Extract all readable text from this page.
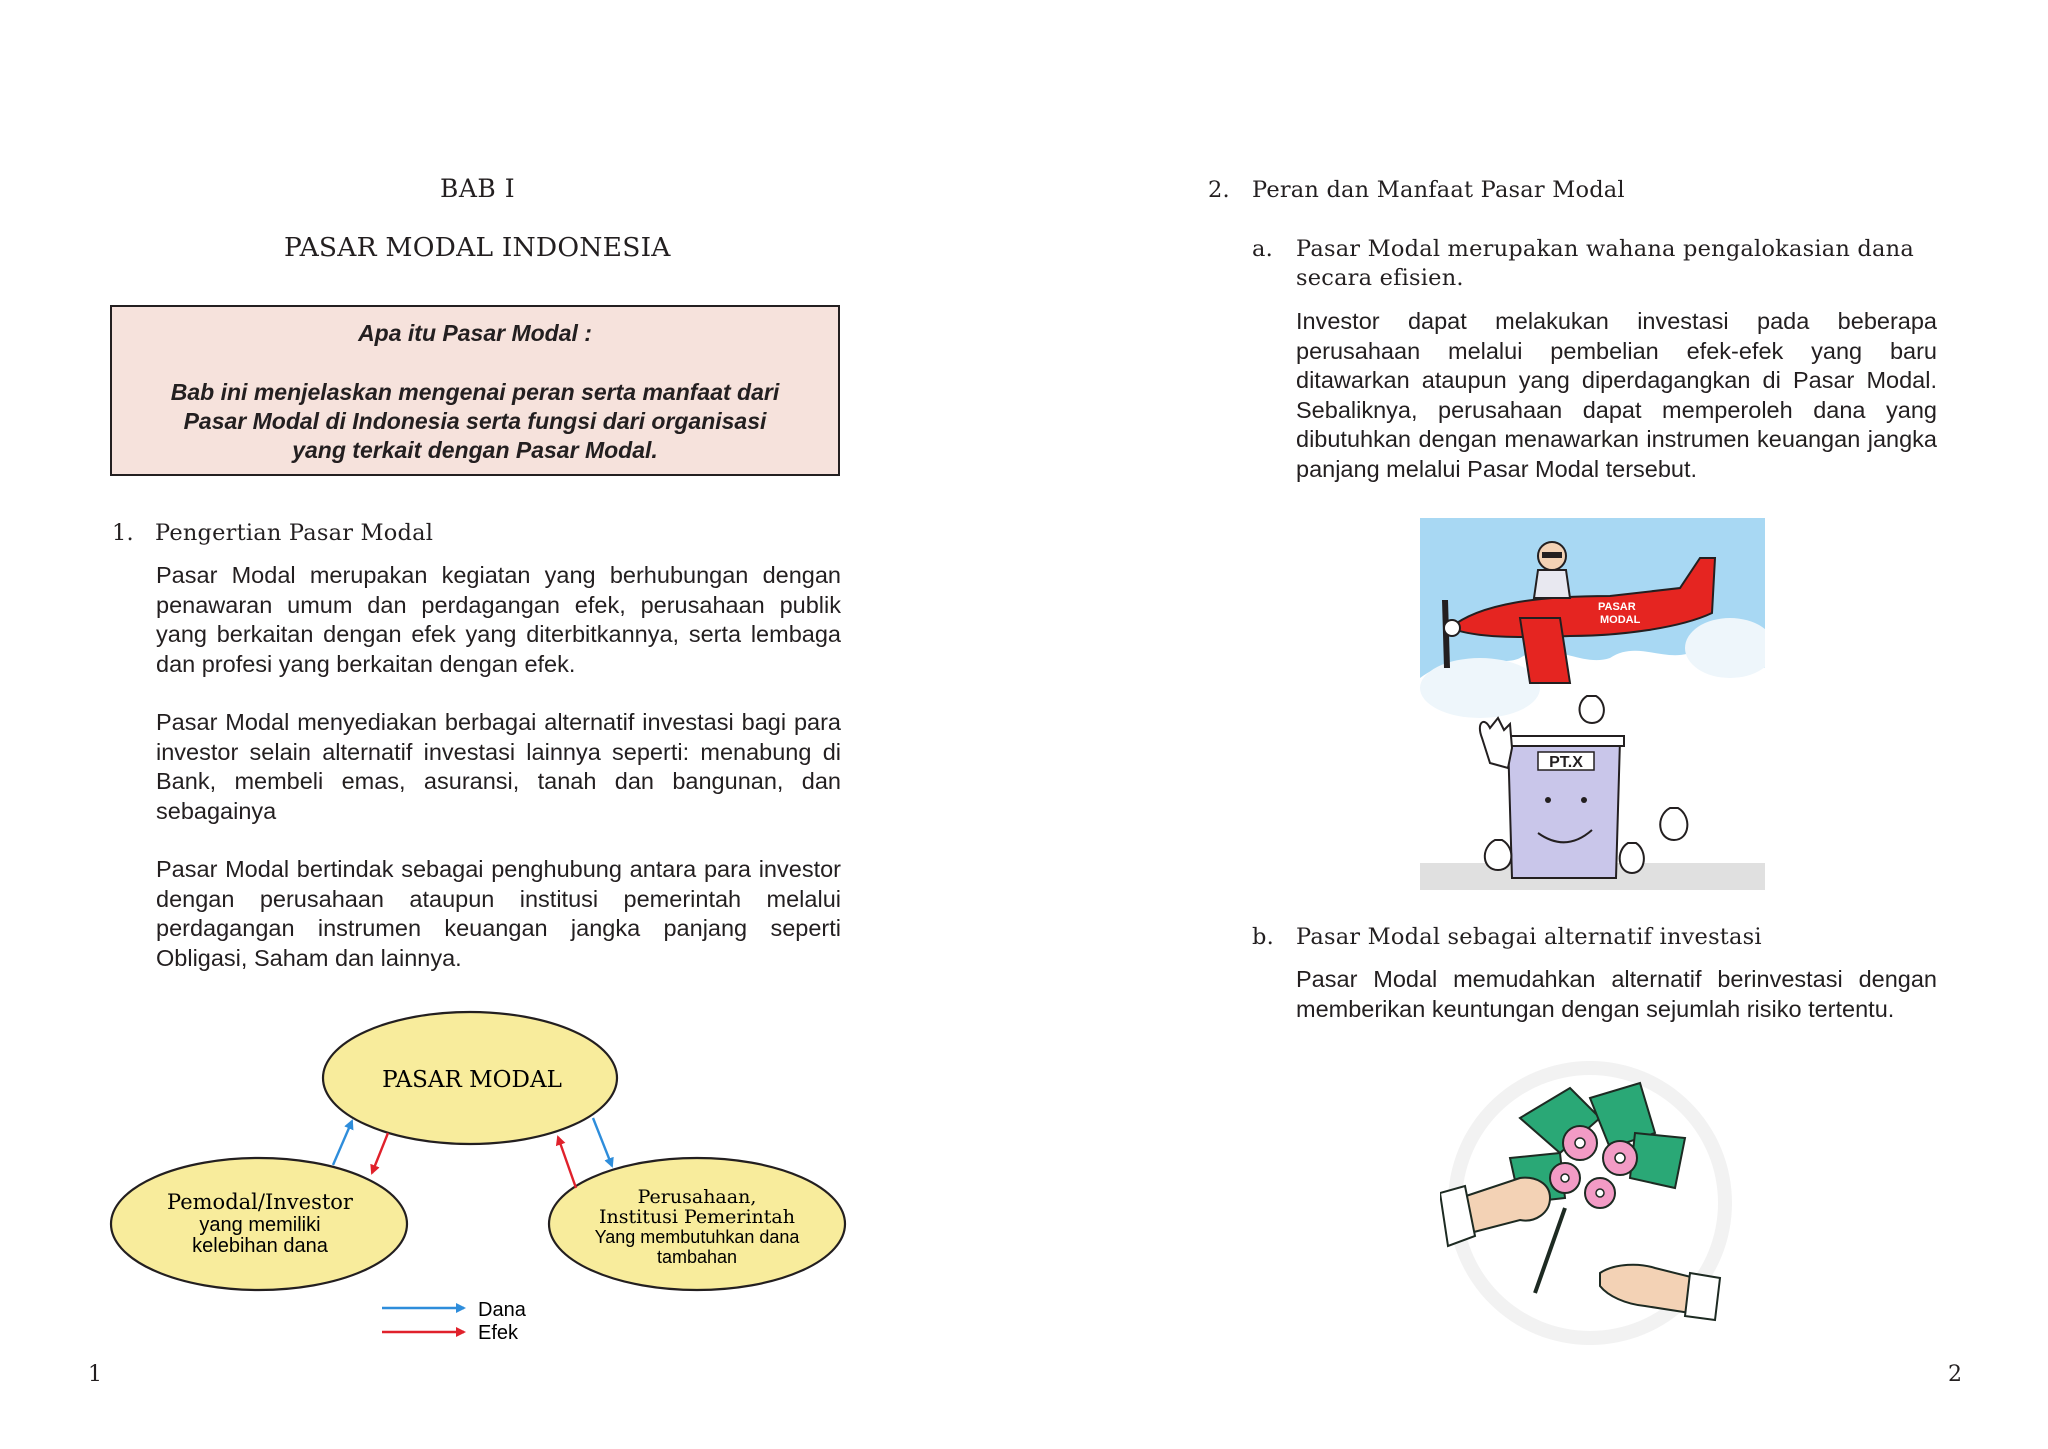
BAB I
PASAR MODAL INDONESIA
Apa itu Pasar Modal :
Bab ini menjelaskan mengenai peran serta manfaat dari
Pasar Modal di Indonesia serta fungsi dari organisasi
yang terkait dengan Pasar Modal.
1. Pengertian Pasar Modal
Pasar Modal merupakan kegiatan yang berhubungan dengan penawaran umum dan perdagangan efek, perusahaan publik yang berkaitan dengan efek yang diterbitkannya, serta lembaga dan profesi yang berkaitan dengan efek.
Pasar Modal menyediakan berbagai alternatif investasi bagi para investor selain alternatif investasi lainnya seperti: menabung di Bank, membeli emas, asuransi, tanah dan bangunan, dan sebagainya
Pasar Modal bertindak sebagai penghubung antara para investor dengan perusahaan ataupun institusi pemerintah melalui perdagangan instrumen keuangan jangka panjang seperti Obligasi, Saham dan lainnya.
PASAR MODAL
Pemodal/Investor
yang memiliki
kelebihan dana
Perusahaan,
Institusi Pemerintah
Yang membutuhkan dana
tambahan
Dana
Efek
1
2. Peran dan Manfaat Pasar Modal
a. Pasar Modal merupakan wahana pengalokasian dana
secara efisien.
Investor dapat melakukan investasi pada beberapa perusahaan melalui pembelian efek-efek yang baru ditawarkan ataupun yang diperdagangkan di Pasar Modal. Sebaliknya, perusahaan dapat memperoleh dana yang dibutuhkan dengan menawarkan instrumen keuangan jangka panjang melalui Pasar Modal tersebut.
PASAR
MODAL
PT.X
b. Pasar Modal sebagai alternatif investasi
Pasar Modal memudahkan alternatif berinvestasi dengan memberikan keuntungan dengan sejumlah risiko tertentu.
2
